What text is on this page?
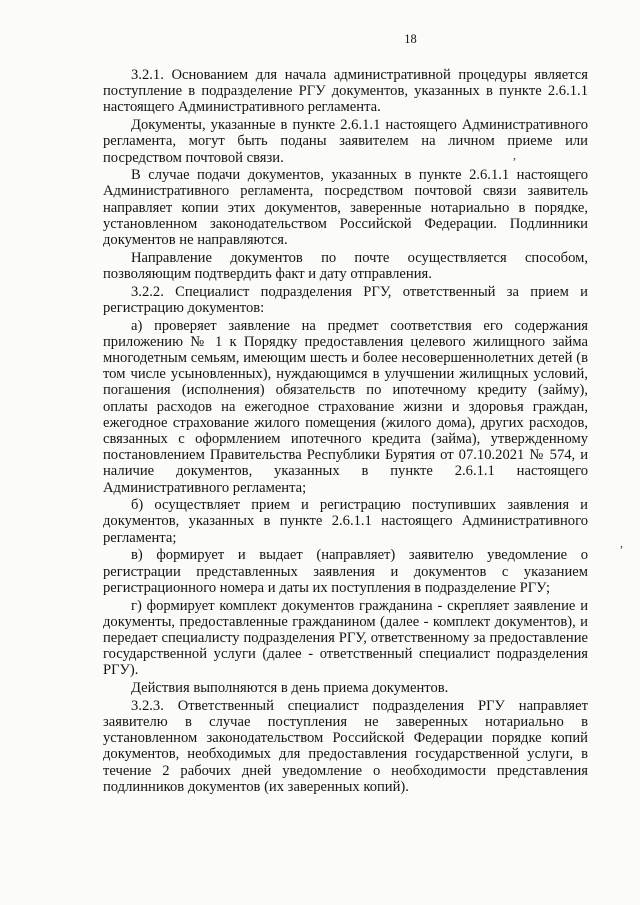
18

3.2.1. Основанием для начала административной процедуры является поступление в подразделение РГУ документов, указанных в пункте 2.6.1.1 настоящего Административного регламента.

Документы, указанные в пункте 2.6.1.1 настоящего Административного регламента, могут быть поданы заявителем на личном приеме или посредством почтовой связи.

В случае подачи документов, указанных в пункте 2.6.1.1 настоящего Административного регламента, посредством почтовой связи заявитель направляет копии этих документов, заверенные нотариально в порядке, установленном законодательством Российской Федерации. Подлинники документов не направляются.

Направление документов по почте осуществляется способом, позволяющим подтвердить факт и дату отправления.

3.2.2. Специалист подразделения РГУ, ответственный за прием и регистрацию документов:

а) проверяет заявление на предмет соответствия его содержания приложению № 1 к Порядку предоставления целевого жилищного займа многодетным семьям, имеющим шесть и более несовершеннолетних детей (в том числе усыновленных), нуждающимся в улучшении жилищных условий, погашения (исполнения) обязательств по ипотечному кредиту (займу), оплаты расходов на ежегодное страхование жизни и здоровья граждан, ежегодное страхование жилого помещения (жилого дома), других расходов, связанных с оформлением ипотечного кредита (займа), утвержденному постановлением Правительства Республики Бурятия от 07.10.2021 № 574, и наличие документов, указанных в пункте 2.6.1.1 настоящего Административного регламента;

б) осуществляет прием и регистрацию поступивших заявления и документов, указанных в пункте 2.6.1.1 настоящего Административного регламента;

в) формирует и выдает (направляет) заявителю уведомление о регистрации представленных заявления и документов с указанием регистрационного номера и даты их поступления в подразделение РГУ;

г) формирует комплект документов гражданина - скрепляет заявление и документы, предоставленные гражданином (далее - комплект документов), и передает специалисту подразделения РГУ, ответственному за предоставление государственной услуги (далее - ответственный специалист подразделения РГУ).

Действия выполняются в день приема документов.

3.2.3. Ответственный специалист подразделения РГУ направляет заявителю в случае поступления не заверенных нотариально в установленном законодательством Российской Федерации порядке копий документов, необходимых для предоставления государственной услуги, в течение 2 рабочих дней уведомление о необходимости представления подлинников документов (их заверенных копий).

,
,
